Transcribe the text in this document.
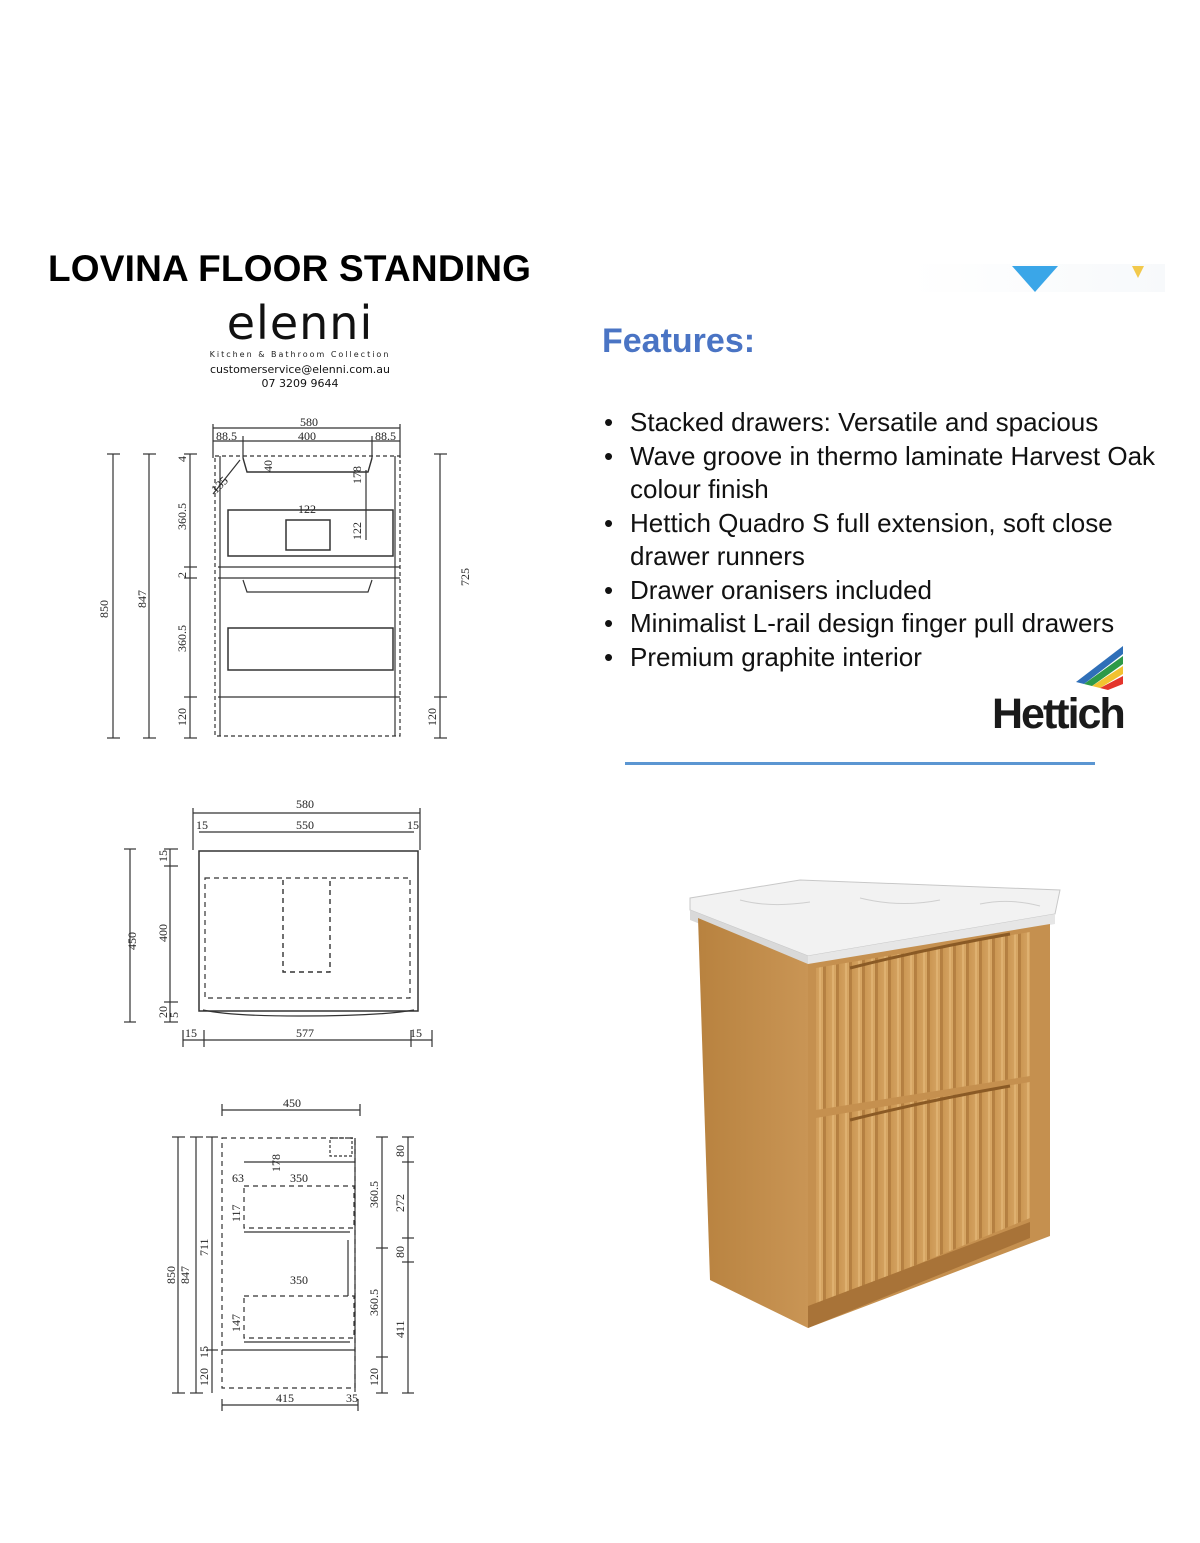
LOVINA FLOOR STANDING
elenni
Kitchen & Bathroom Collection
customerservice@elenni.com.au
07 3209 9644
580
88.5	400	88.5
122
40	178
122
135
850
847
4
360.5
2
360.5
120
725
120
580
15	550	15
450 400
15
20
5
15	577	15
450
850 847
711
120
15
178
63	350
117
350
147
80
360.5 272
80
360.5
411
120
415	35
Features:
• Stacked drawers: Versatile and spacious
• Wave groove in thermo laminate Harvest Oak colour finish
• Hettich Quadro S full extension, soft close drawer runners
• Drawer oranisers included
• Minimalist L-rail design finger pull drawers
• Premium graphite interior
Hettich
